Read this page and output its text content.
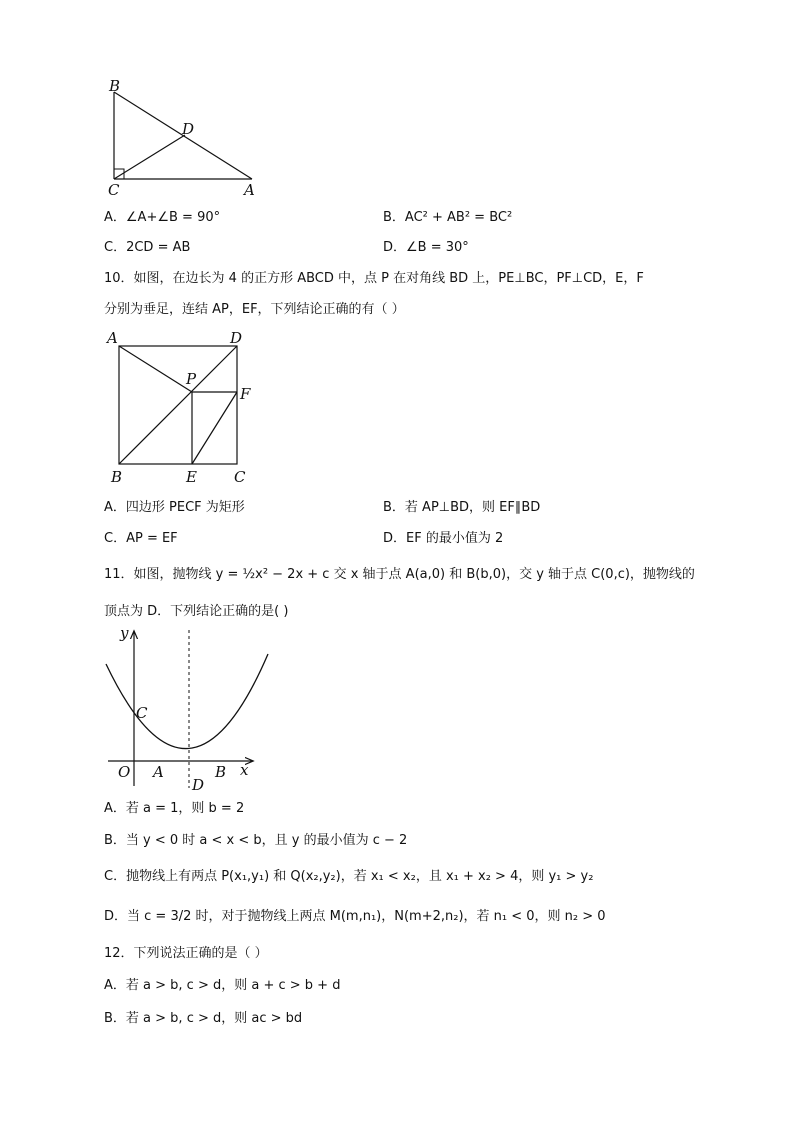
B
D
C	A
A．∠A+∠B = 90°	B．AC² + AB² = BC²
C．2CD = AB	D．∠B = 30°
10．如图，在边长为 4 的正方形 ABCD 中，点 P 在对角线 BD 上，PE⊥BC，PF⊥CD，E，F
分别为垂足，连结 AP，EF，下列结论正确的有（ ）
A	D
P
F
B	E C
A．四边形 PECF 为矩形	B．若 AP⊥BD，则 EF∥BD
C．AP = EF	D．EF 的最小值为 2
11．如图，抛物线 y = ½x² − 2x + c 交 x 轴于点 A(a,0) 和 B(b,0)，交 y 轴于点 C(0,c)，抛物线的
顶点为 D．下列结论正确的是( )
y
C
O A
D
B x
A．若 a = 1，则 b = 2
B．当 y < 0 时 a < x < b，且 y 的最小值为 c − 2
C．抛物线上有两点 P(x₁,y₁) 和 Q(x₂,y₂)，若 x₁ < x₂，且 x₁ + x₂ > 4，则 y₁ > y₂
D．当 c = 3/2 时，对于抛物线上两点 M(m,n₁)，N(m+2,n₂)，若 n₁ < 0，则 n₂ > 0
12．下列说法正确的是（ ）
A．若 a > b, c > d，则 a + c > b + d
B．若 a > b, c > d，则 ac > bd
